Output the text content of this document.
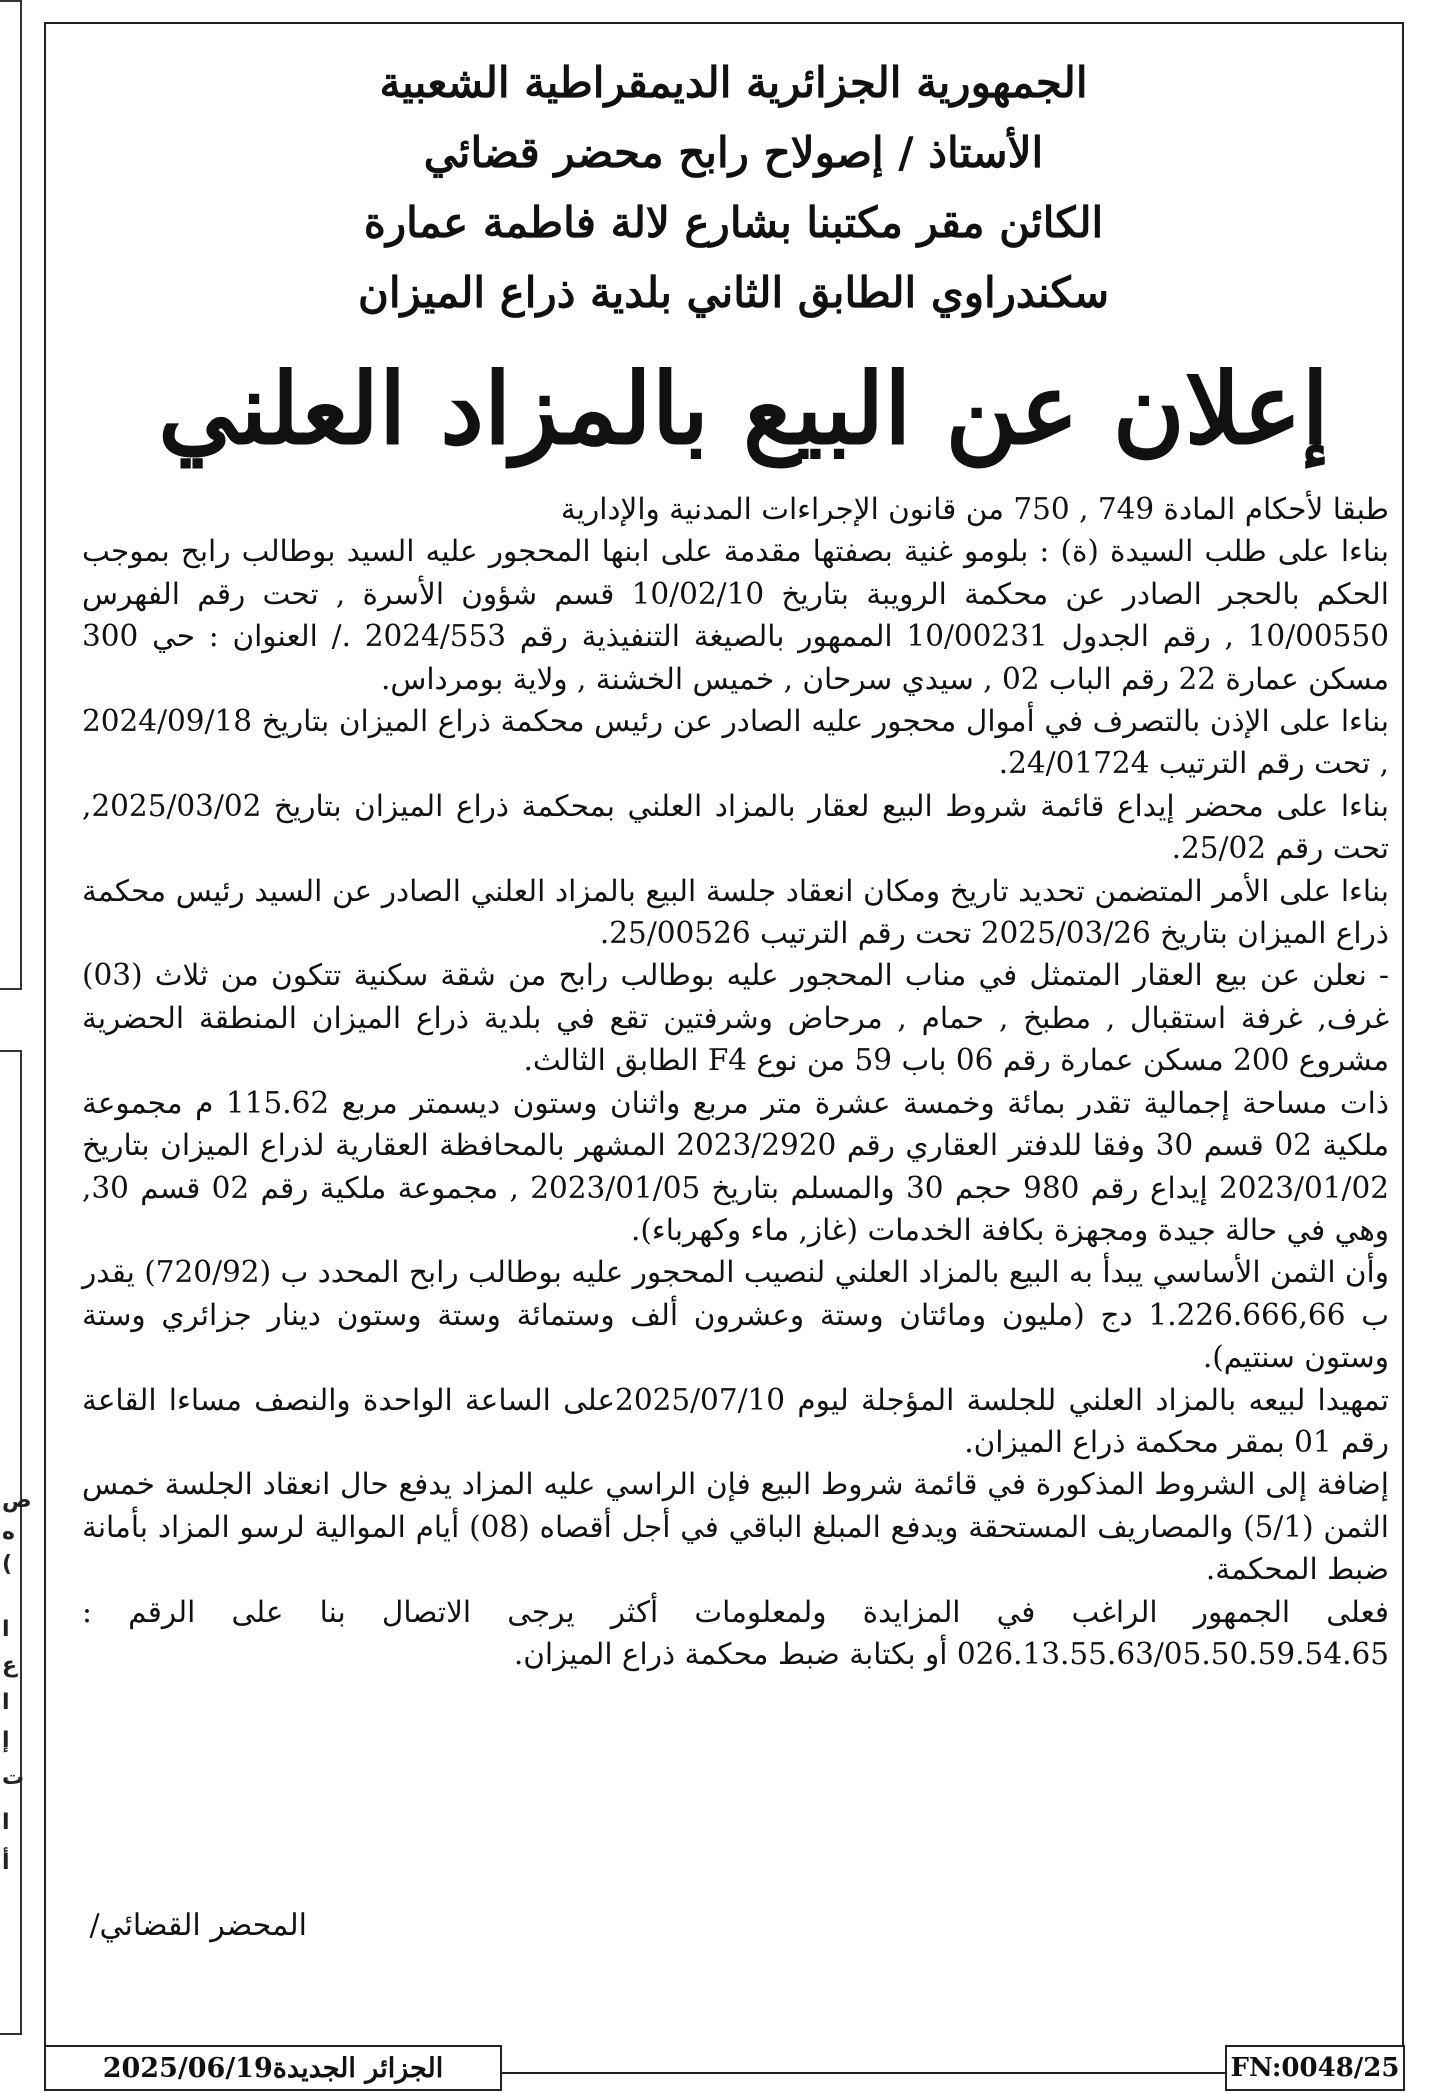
ص
ه
(
ا
ع
ا
إ
ت
ا
أ
الجمهورية الجزائرية الديمقراطية الشعبية
الأستاذ / إصولاح رابح محضر قضائي
الكائن مقر مكتبنا بشارع لالة فاطمة عمارة
سكندراوي الطابق الثاني بلدية ذراع الميزان
إعلان عن البيع بالمزاد العلني

طبقا لأحكام المادة 749 , 750 من قانون الإجراءات المدنية والإدارية

بناءا على طلب السيدة (ة) : بلومو غنية بصفتها مقدمة على ابنها المحجور عليه السيد بوطالب رابح بموجب الحكم بالحجر الصادر عن محكمة الرويبة بتاريخ 10/02/10 قسم شؤون الأسرة , تحت رقم الفهرس 10/00550 , رقم الجدول 10/00231 الممهور بالصيغة التنفيذية رقم 2024/553 ./ العنوان : حي 300 مسكن عمارة 22 رقم الباب 02 , سيدي سرحان , خميس الخشنة , ولاية بومرداس.

بناءا على الإذن بالتصرف في أموال محجور عليه الصادر عن رئيس محكمة ذراع الميزان بتاريخ 2024/09/18 , تحت رقم الترتيب 24/01724.

بناءا على محضر إيداع قائمة شروط البيع لعقار بالمزاد العلني بمحكمة ذراع الميزان بتاريخ 2025/03/02, تحت رقم 25/02.

بناءا على الأمر المتضمن تحديد تاريخ ومكان انعقاد جلسة البيع بالمزاد العلني الصادر عن السيد رئيس محكمة ذراع الميزان بتاريخ 2025/03/26 تحت رقم الترتيب 25/00526.

- نعلن عن بيع العقار المتمثل في مناب المحجور عليه بوطالب رابح من شقة سكنية تتكون من ثلاث (03) غرف, غرفة استقبال , مطبخ , حمام , مرحاض وشرفتين تقع في بلدية ذراع الميزان المنطقة الحضرية مشروع 200 مسكن عمارة رقم 06 باب 59 من نوع F4 الطابق الثالث.

ذات مساحة إجمالية تقدر بمائة وخمسة عشرة متر مربع واثنان وستون ديسمتر مربع 115.62 م مجموعة ملكية 02 قسم 30 وفقا للدفتر العقاري رقم 2023/2920 المشهر بالمحافظة العقارية لذراع الميزان بتاريخ 2023/01/02 إيداع رقم 980 حجم 30 والمسلم بتاريخ 2023/01/05 , مجموعة ملكية رقم 02 قسم 30, وهي في حالة جيدة ومجهزة بكافة الخدمات (غاز, ماء وكهرباء).

وأن الثمن الأساسي يبدأ به البيع بالمزاد العلني لنصيب المحجور عليه بوطالب رابح المحدد ب (720/92) يقدر ب 1.226.666,66 دج (مليون ومائتان وستة وعشرون ألف وستمائة وستة وستون دينار جزائري وستة وستون سنتيم).

تمهيدا لبيعه بالمزاد العلني للجلسة المؤجلة ليوم 2025/07/10على الساعة الواحدة والنصف مساءا القاعة رقم 01 بمقر محكمة ذراع الميزان.

إضافة إلى الشروط المذكورة في قائمة شروط البيع فإن الراسي عليه المزاد يدفع حال انعقاد الجلسة خمس الثمن (5/1) والمصاريف المستحقة ويدفع المبلغ الباقي في أجل أقصاه (08) أيام الموالية لرسو المزاد بأمانة ضبط المحكمة.

فعلى الجمهور الراغب في المزايدة ولمعلومات أكثر يرجى الاتصال بنا على الرقم : 026.13.55.63/05.50.59.54.65 أو بكتابة ضبط محكمة ذراع الميزان.

المحضر القضائي/
الجزائر الجديدة2025/06/19	FN:0048/25
